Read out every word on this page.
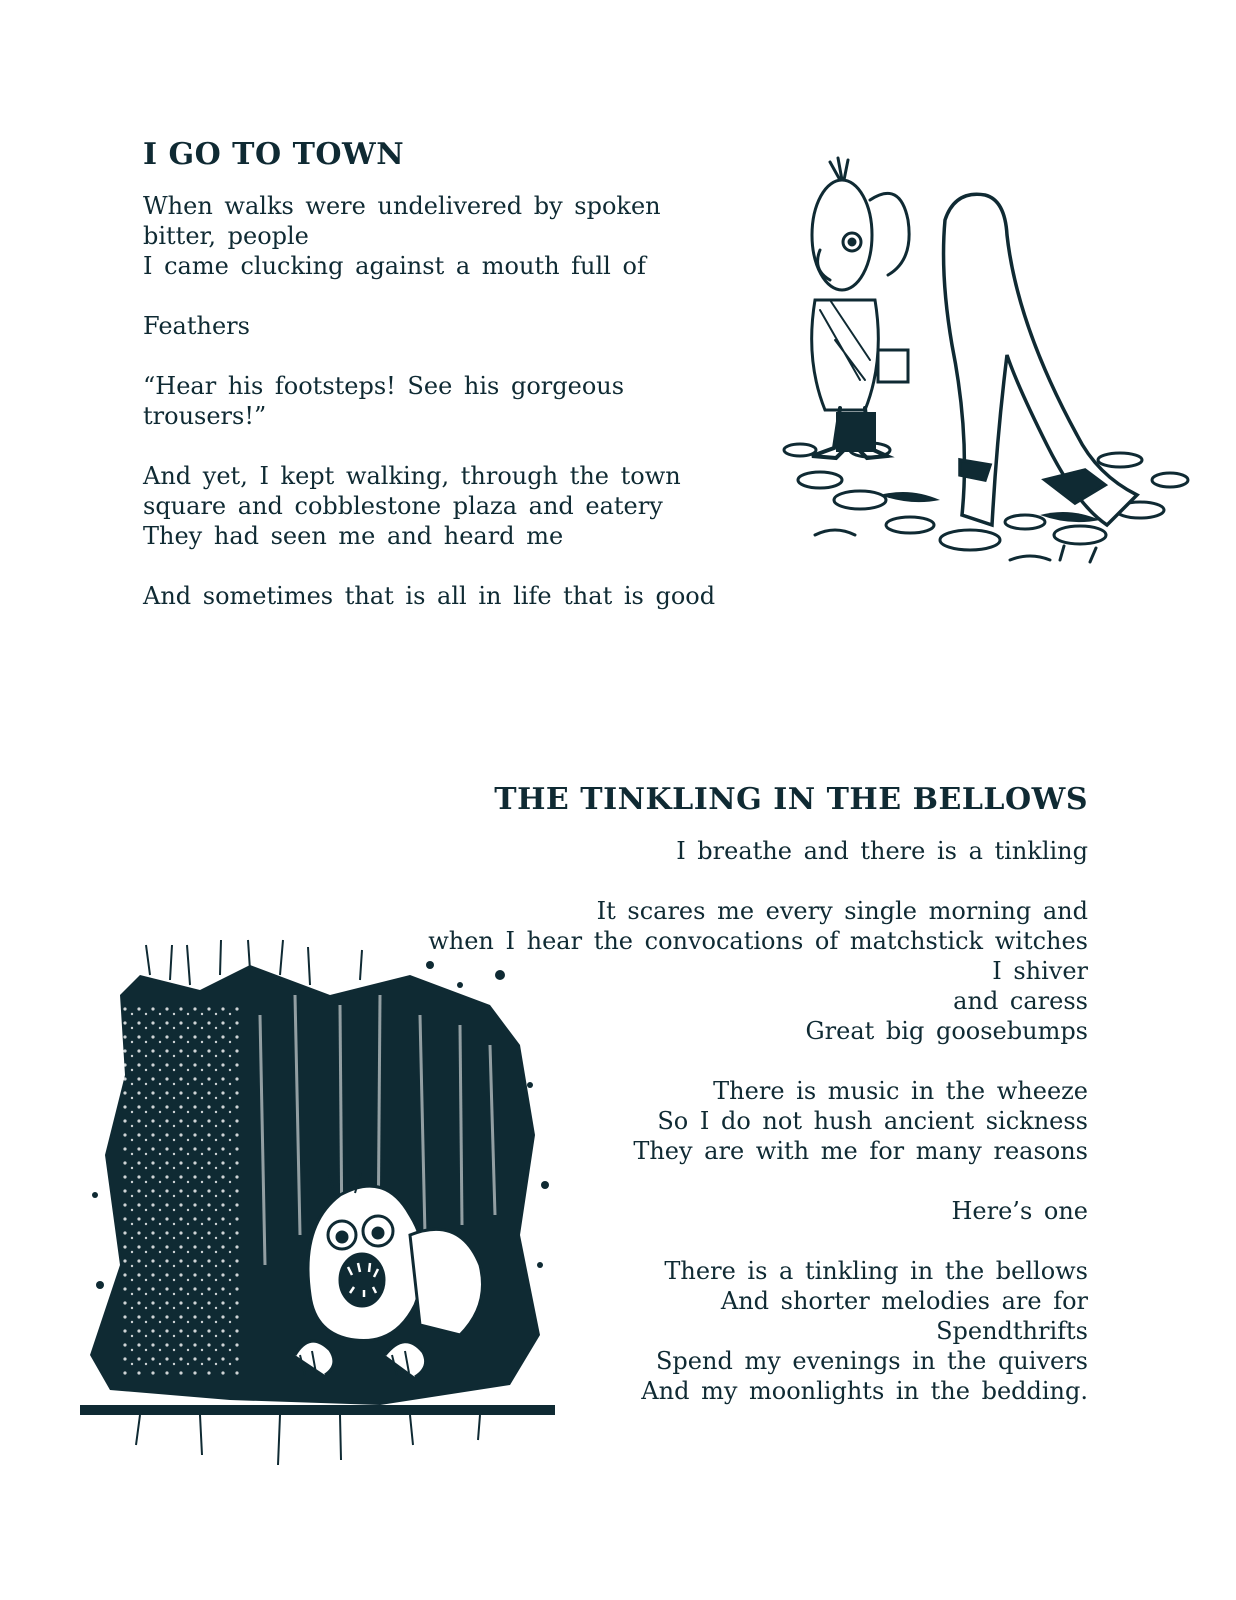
I GO TO TOWN
When walks were undelivered by spoken
bitter, people
I came clucking against a mouth full of
Feathers
“Hear his footsteps! See his gorgeous
trousers!”
And yet, I kept walking, through the town
square and cobblestone plaza and eatery
They had seen me and heard me
And sometimes that is all in life that is good
THE TINKLING IN THE BELLOWS
I breathe and there is a tinkling
It scares me every single morning and
when I hear the convocations of matchstick witches
I shiver
and caress
Great big goosebumps
There is music in the wheeze
So I do not hush ancient sickness
They are with me for many reasons
Here’s one
There is a tinkling in the bellows
And shorter melodies are for
Spendthrifts
Spend my evenings in the quivers
And my moonlights in the bedding.
